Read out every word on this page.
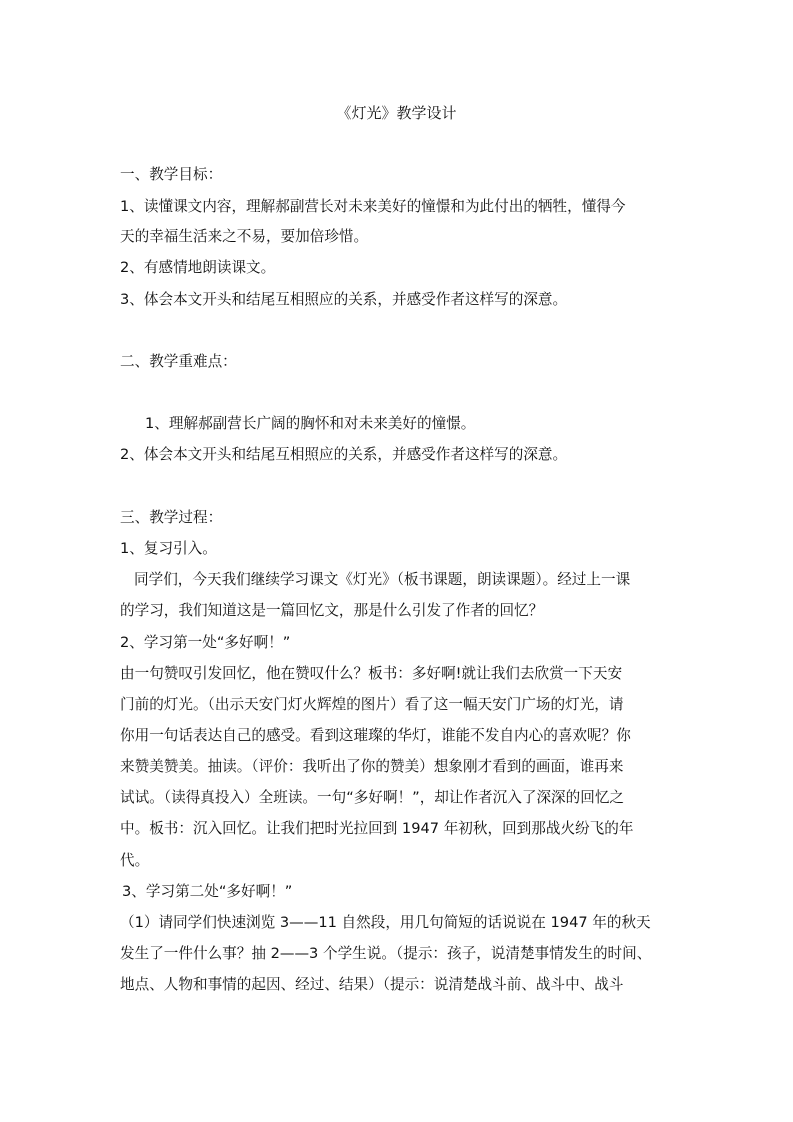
《灯光》教学设计
一、教学目标：
1、读懂课文内容，理解郝副营长对未来美好的憧憬和为此付出的牺牲，懂得今
天的幸福生活来之不易，要加倍珍惜。
2、有感情地朗读课文。
3、体会本文开头和结尾互相照应的关系，并感受作者这样写的深意。
二、教学重难点：
1、理解郝副营长广阔的胸怀和对未来美好的憧憬。
2、体会本文开头和结尾互相照应的关系，并感受作者这样写的深意。
三、教学过程：
1、复习引入。
同学们，今天我们继续学习课文《灯光》（板书课题，朗读课题）。经过上一课
的学习，我们知道这是一篇回忆文，那是什么引发了作者的回忆？
2、学习第一处“多好啊！”
由一句赞叹引发回忆，他在赞叹什么？板书：多好啊!就让我们去欣赏一下天安
门前的灯光。（出示天安门灯火辉煌的图片）看了这一幅天安门广场的灯光，请
你用一句话表达自己的感受。看到这璀璨的华灯，谁能不发自内心的喜欢呢？你
来赞美赞美。抽读。（评价：我听出了你的赞美）想象刚才看到的画面，谁再来
试试。（读得真投入）全班读。一句“多好啊！”，却让作者沉入了深深的回忆之
中。板书：沉入回忆。让我们把时光拉回到 1947 年初秋，回到那战火纷飞的年
代。
3、学习第二处“多好啊！”
（1）请同学们快速浏览 3——11 自然段，用几句简短的话说说在 1947 年的秋天
发生了一件什么事？抽 2——3 个学生说。（提示：孩子，说清楚事情发生的时间、
地点、人物和事情的起因、经过、结果）（提示：说清楚战斗前、战斗中、战斗
